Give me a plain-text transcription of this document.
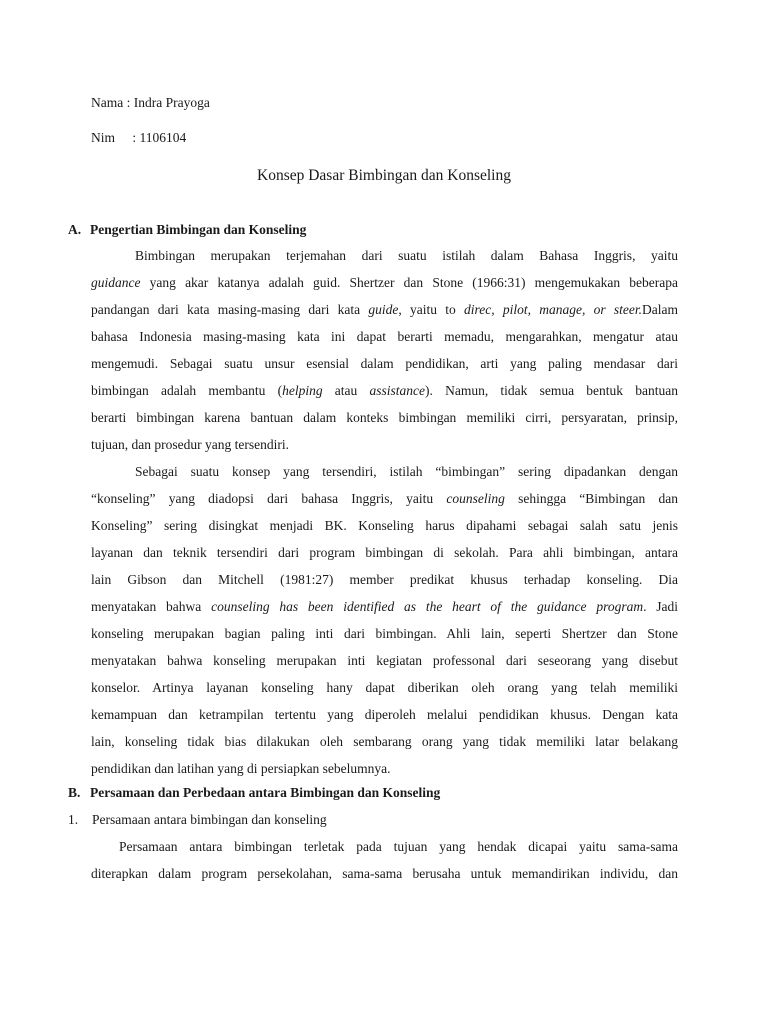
Nama : Indra Prayoga
Nim : 1106104
Konsep Dasar Bimbingan dan Konseling
A. Pengertian Bimbingan dan Konseling
Bimbingan merupakan terjemahan dari suatu istilah dalam Bahasa Inggris, yaitu
guidance yang akar katanya adalah guid. Shertzer dan Stone (1966:31) mengemukakan beberapa
pandangan dari kata masing-masing dari kata guide, yaitu to direc, pilot, manage, or steer.Dalam
bahasa Indonesia masing-masing kata ini dapat berarti memadu, mengarahkan, mengatur atau
mengemudi. Sebagai suatu unsur esensial dalam pendidikan, arti yang paling mendasar dari
bimbingan adalah membantu (helping atau assistance). Namun, tidak semua bentuk bantuan
berarti bimbingan karena bantuan dalam konteks bimbingan memiliki cirri, persyaratan, prinsip,
tujuan, dan prosedur yang tersendiri.
Sebagai suatu konsep yang tersendiri, istilah “bimbingan” sering dipadankan dengan
“konseling” yang diadopsi dari bahasa Inggris, yaitu counseling sehingga “Bimbingan dan
Konseling” sering disingkat menjadi BK. Konseling harus dipahami sebagai salah satu jenis
layanan dan teknik tersendiri dari program bimbingan di sekolah. Para ahli bimbingan, antara
lain Gibson dan Mitchell (1981:27) member predikat khusus terhadap konseling. Dia
menyatakan bahwa counseling has been identified as the heart of the guidance program. Jadi
konseling merupakan bagian paling inti dari bimbingan. Ahli lain, seperti Shertzer dan Stone
menyatakan bahwa konseling merupakan inti kegiatan professonal dari seseorang yang disebut
konselor. Artinya layanan konseling hany dapat diberikan oleh orang yang telah memiliki
kemampuan dan ketrampilan tertentu yang diperoleh melalui pendidikan khusus. Dengan kata
lain, konseling tidak bias dilakukan oleh sembarang orang yang tidak memiliki latar belakang
pendidikan dan latihan yang di persiapkan sebelumnya.
B. Persamaan dan Perbedaan antara Bimbingan dan Konseling
1. Persamaan antara bimbingan dan konseling
Persamaan antara bimbingan terletak pada tujuan yang hendak dicapai yaitu sama-sama
diterapkan dalam program persekolahan, sama-sama berusaha untuk memandirikan individu, dan
